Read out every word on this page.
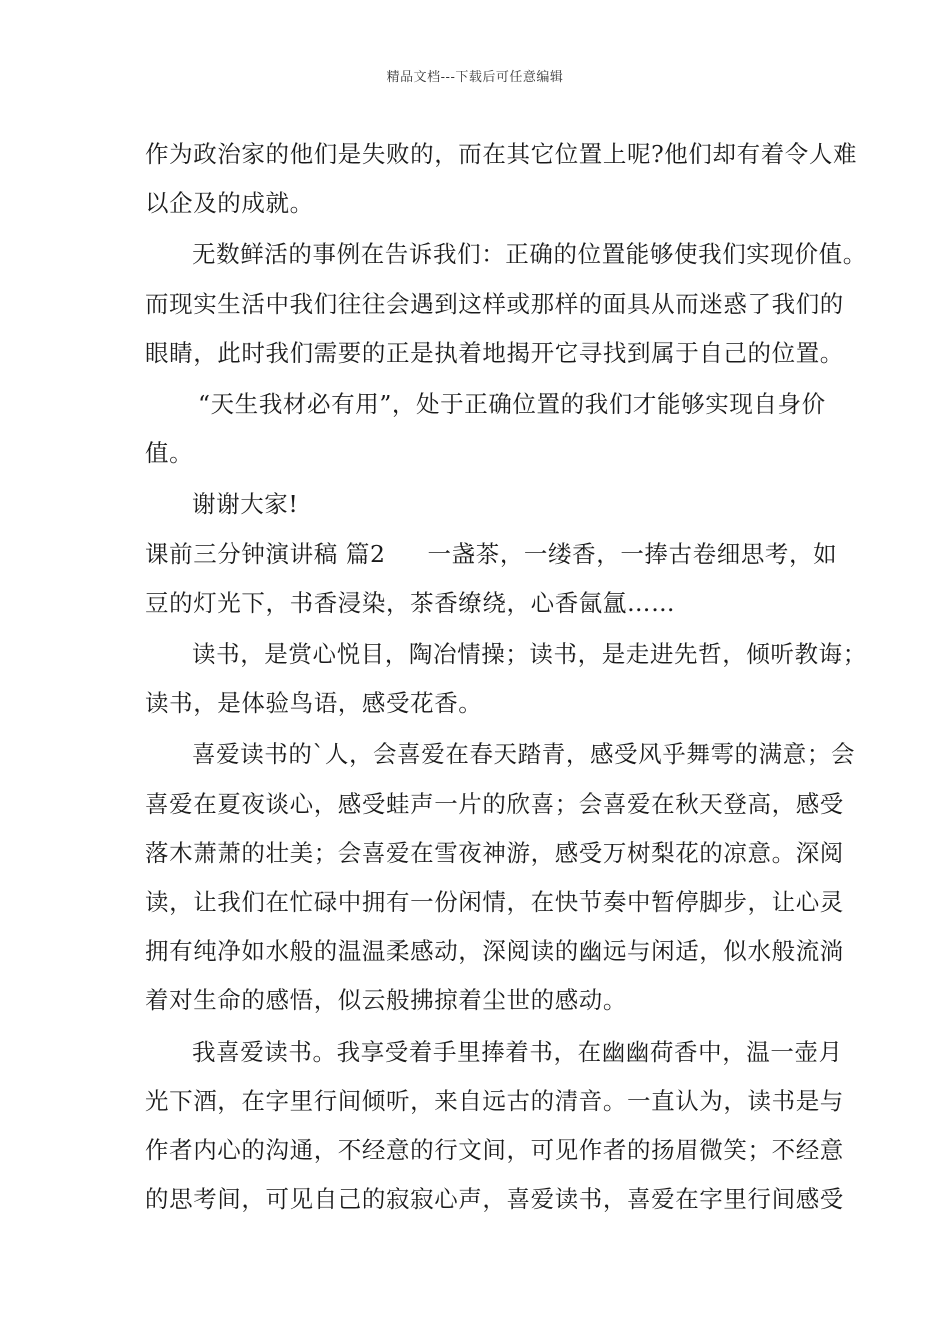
精品文档---下载后可任意编辑
作为政治家的他们是失败的，而在其它位置上呢?他们却有着令人难
以企及的成就。
无数鲜活的事例在告诉我们：正确的位置能够使我们实现价值。
而现实生活中我们往往会遇到这样或那样的面具从而迷惑了我们的
眼睛，此时我们需要的正是执着地揭开它寻找到属于自己的位置。
“天生我材必有用”，处于正确位置的我们才能够实现自身价
值。
谢谢大家!
课前三分钟演讲稿 篇2 一盏茶，一缕香，一捧古卷细思考，如
豆的灯光下，书香浸染，茶香缭绕，心香氤氲……
读书，是赏心悦目，陶冶情操；读书，是走进先哲，倾听教诲；
读书，是体验鸟语，感受花香。
喜爱读书的`人，会喜爱在春天踏青，感受风乎舞雩的满意；会
喜爱在夏夜谈心，感受蛙声一片的欣喜；会喜爱在秋天登高，感受
落木萧萧的壮美；会喜爱在雪夜神游，感受万树梨花的凉意。深阅
读，让我们在忙碌中拥有一份闲情，在快节奏中暂停脚步，让心灵
拥有纯净如水般的温温柔感动，深阅读的幽远与闲适，似水般流淌
着对生命的感悟，似云般拂掠着尘世的感动。
我喜爱读书。我享受着手里捧着书，在幽幽荷香中，温一壶月
光下酒，在字里行间倾听，来自远古的清音。一直认为，读书是与
作者内心的沟通，不经意的行文间，可见作者的扬眉微笑；不经意
的思考间，可见自己的寂寂心声，喜爱读书，喜爱在字里行间感受
